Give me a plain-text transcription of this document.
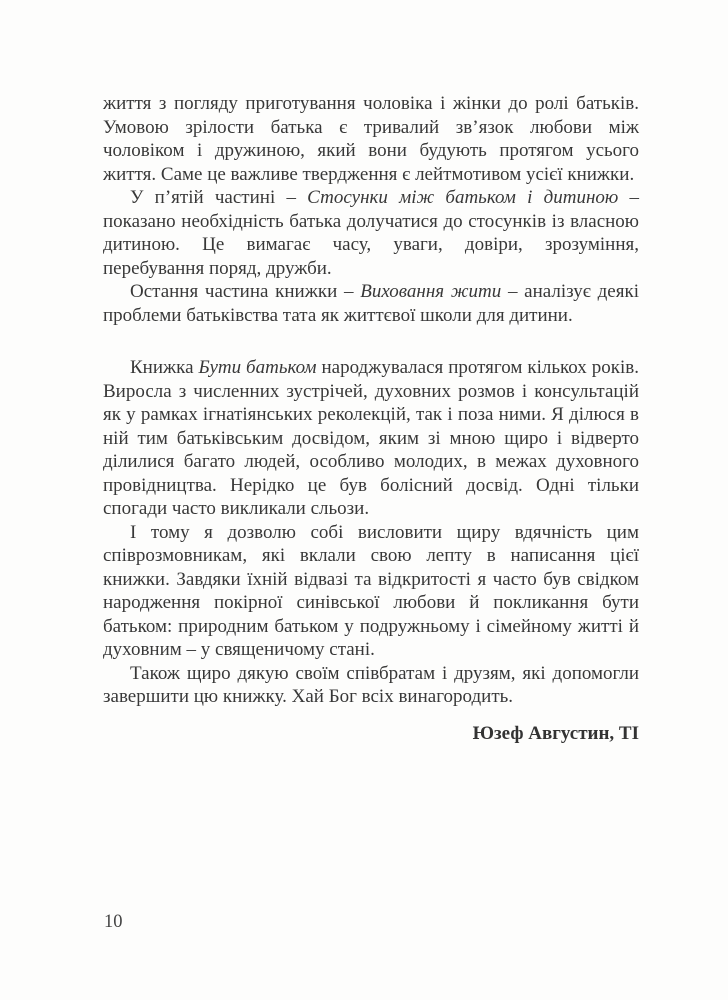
життя з погляду приготування чоловіка і жінки до ролі батьків. Умовою зрілости батька є тривалий зв’язок любови між чоловіком і дружиною, який вони будують протягом усього життя. Саме це важливе твердження є лейтмотивом усієї книжки.

У п’ятій частині – Стосунки між батьком і дитиною – показано необхідність батька долучатися до стосунків із власною дитиною. Це вимагає часу, уваги, довіри, зрозуміння, перебування поряд, дружби.

Остання частина книжки – Виховання жити – аналізує деякі проблеми батьківства тата як життєвої школи для дитини.

Книжка Бути батьком народжувалася протягом кількох років. Виросла з численних зустрічей, духовних розмов і консультацій як у рамках ігнатіянських реколекцій, так і поза ними. Я ділюся в ній тим батьківським досвідом, яким зі мною щиро і відверто ділилися багато людей, особливо молодих, в межах духовного провідництва. Нерідко це був болісний досвід. Одні тільки спогади часто викликали сльози.

І тому я дозволю собі висловити щиру вдячність цим співрозмовникам, які вклали свою лепту в написання цієї книжки. Завдяки їхній відвазі та відкритості я часто був свідком народження покірної синівської любови й покликання бути батьком: природним батьком у подружньому і сімейному житті й духовним – у священичому стані.

Також щиро дякую своїм співбратам і друзям, які допомогли завершити цю книжку. Хай Бог всіх винагородить.

Юзеф Августин, ТІ

10
